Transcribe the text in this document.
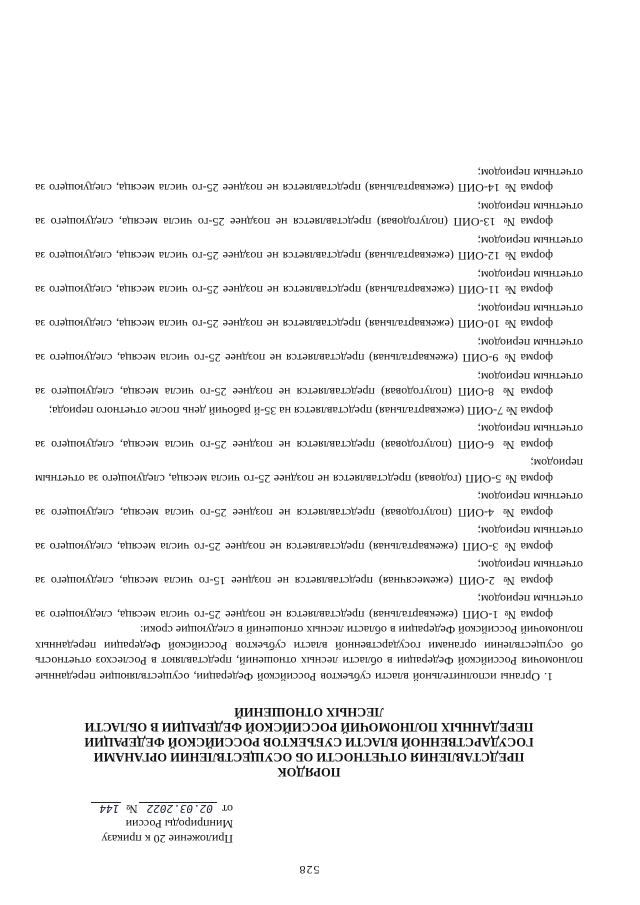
528
Приложение 20 к приказу
Минприроды России
от 02.03.2022 № 144
ПОРЯДОК
ПРЕДСТАВЛЕНИЯ ОТЧЕТНОСТИ ОБ ОСУЩЕСТВЛЕНИИ ОРГАНАМИ
ГОСУДАРСТВЕННОЙ ВЛАСТИ СУБЪЕКТОВ РОССИЙСКОЙ ФЕДЕРАЦИИ
ПЕРЕДАННЫХ ПОЛНОМОЧИЙ РОССИЙСКОЙ ФЕДЕРАЦИИ В ОБЛАСТИ
ЛЕСНЫХ ОТНОШЕНИЙ
1. Органы исполнительной власти субъектов Российской Федерации, осуществляющие переданные полномочия Российской Федерации в области лесных отношений, представляют в Рослесхоз отчетность об осуществлении органами государственной власти субъектов Российской Федерации переданных полномочий Российской Федерации в области лесных отношений в следующие сроки:
форма № 1-ОИП (ежеквартальная) представляется не позднее 25-го числа месяца, следующего за отчетным периодом;
форма № 2-ОИП (ежемесячная) представляется не позднее 15-го числа месяца, следующего за отчетным периодом;
форма № 3-ОИП (ежеквартальная) представляется не позднее 25-го числа месяца, следующего за отчетным периодом;
форма № 4-ОИП (полугодовая) представляется не позднее 25-го числа месяца, следующего за отчетным периодом;
форма № 5-ОИП (годовая) представляется не позднее 25-го числа месяца, следующего за отчетным периодом;
форма № 6-ОИП (полугодовая) представляется не позднее 25-го числа месяца, следующего за отчетным периодом;
форма № 7-ОИП (ежеквартальная) представляется на 35-й рабочий день после отчетного периода;
форма № 8-ОИП (полугодовая) представляется не позднее 25-го числа месяца, следующего за отчетным периодом;
форма № 9-ОИП (ежеквартальная) представляется не позднее 25-го числа месяца, следующего за отчетным периодом;
форма № 10-ОИП (ежеквартальная) представляется не позднее 25-го числа месяца, следующего за отчетным периодом;
форма № 11-ОИП (ежеквартальная) представляется не позднее 25-го числа месяца, следующего за отчетным периодом;
форма № 12-ОИП (ежеквартальная) представляется не позднее 25-го числа месяца, следующего за отчетным периодом;
форма № 13-ОИП (полугодовая) представляется не позднее 25-го числа месяца, следующего за отчетным периодом;
форма № 14-ОИП (ежеквартальная) представляется не позднее 25-го числа месяца, следующего за отчетным периодом;
